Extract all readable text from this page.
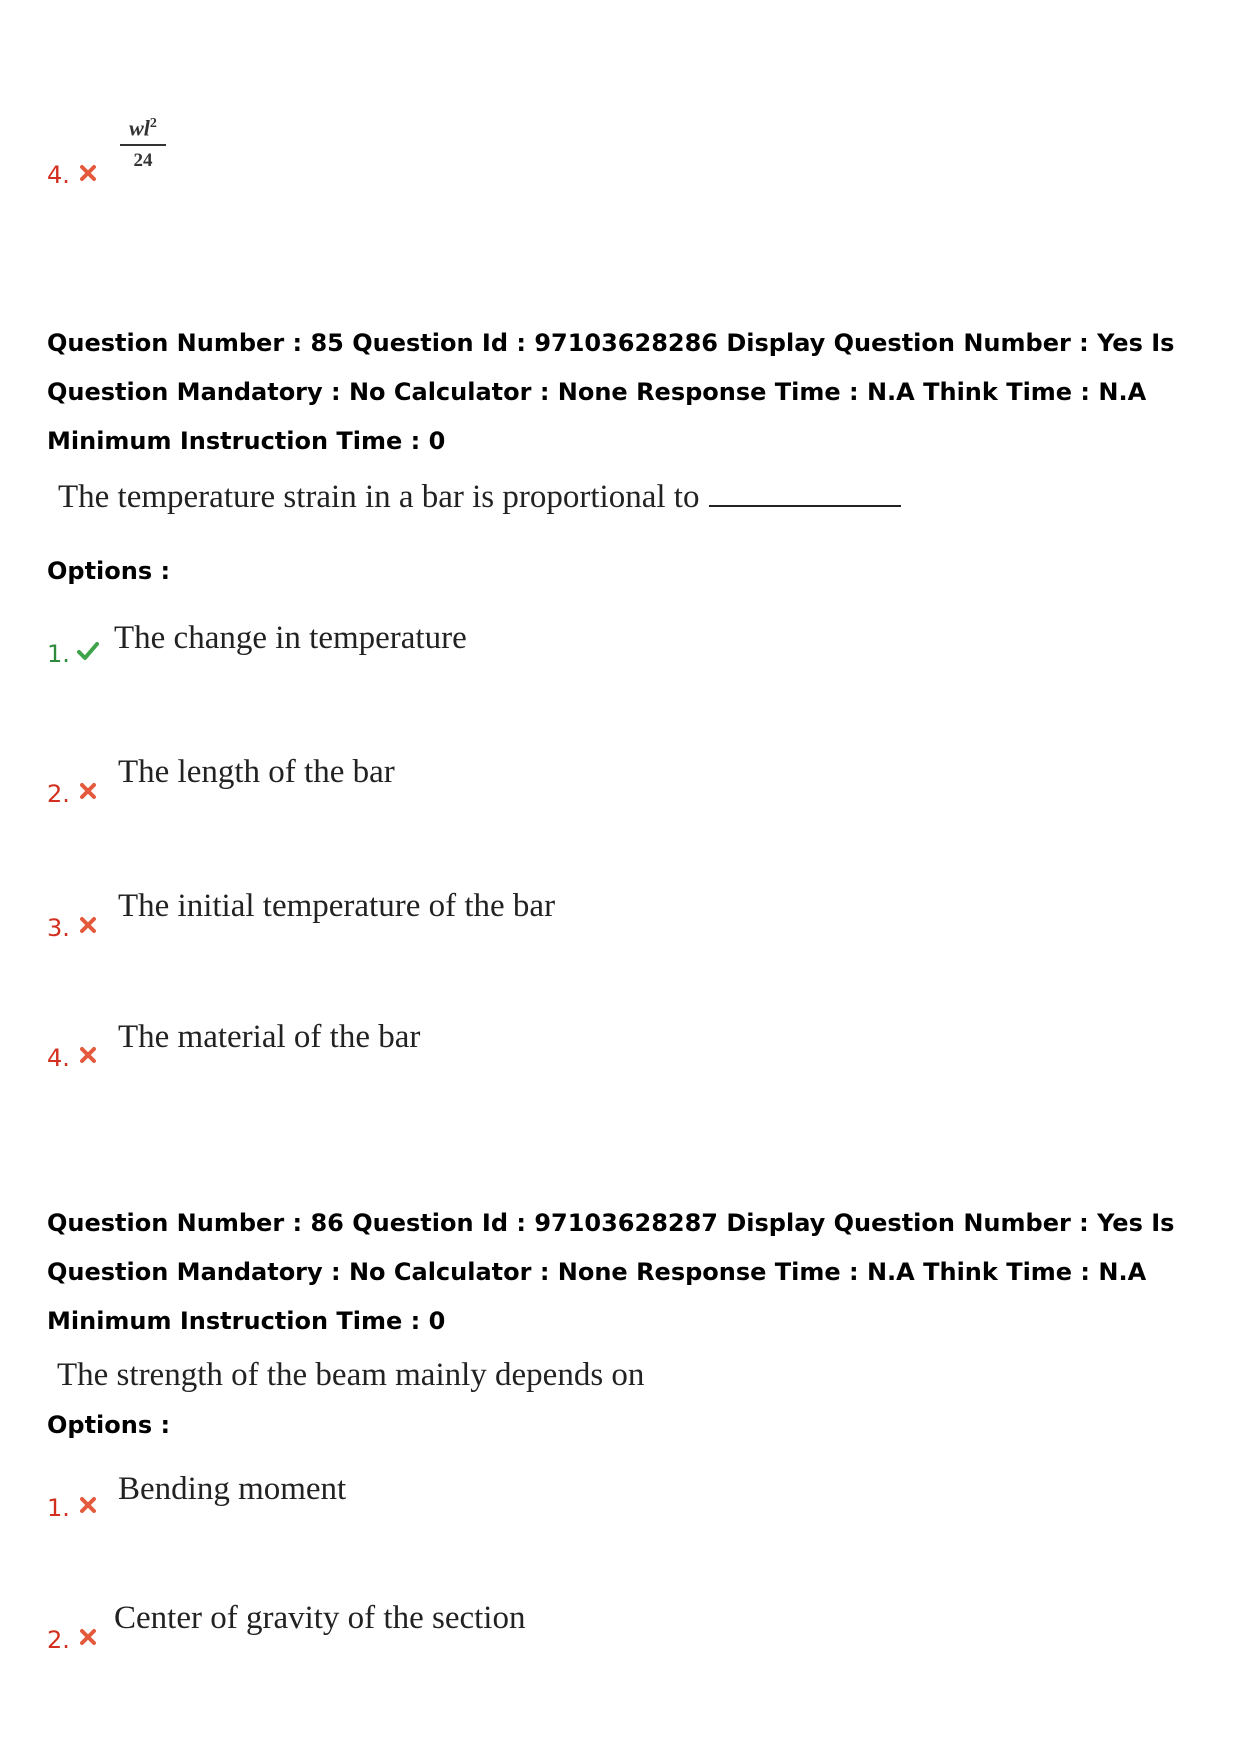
4.
$wl^2$
24
Question Number : 85 Question Id : 97103628286 Display Question Number : Yes Is Question Mandatory : No Calculator : None Response Time : N.A Think Time : N.A Minimum Instruction Time : 0
The temperature strain in a bar is proportional to
Options :
1. The change in temperature
2.
The length of the bar
3.
The initial temperature of the bar
4.
The material of the bar
Question Number : 86 Question Id : 97103628287 Display Question Number : Yes Is Question Mandatory : No Calculator : None Response Time : N.A Think Time : N.A Minimum Instruction Time : 0
The strength of the beam mainly depends on
Options :
1.
Bending moment
2.
Center of gravity of the section
